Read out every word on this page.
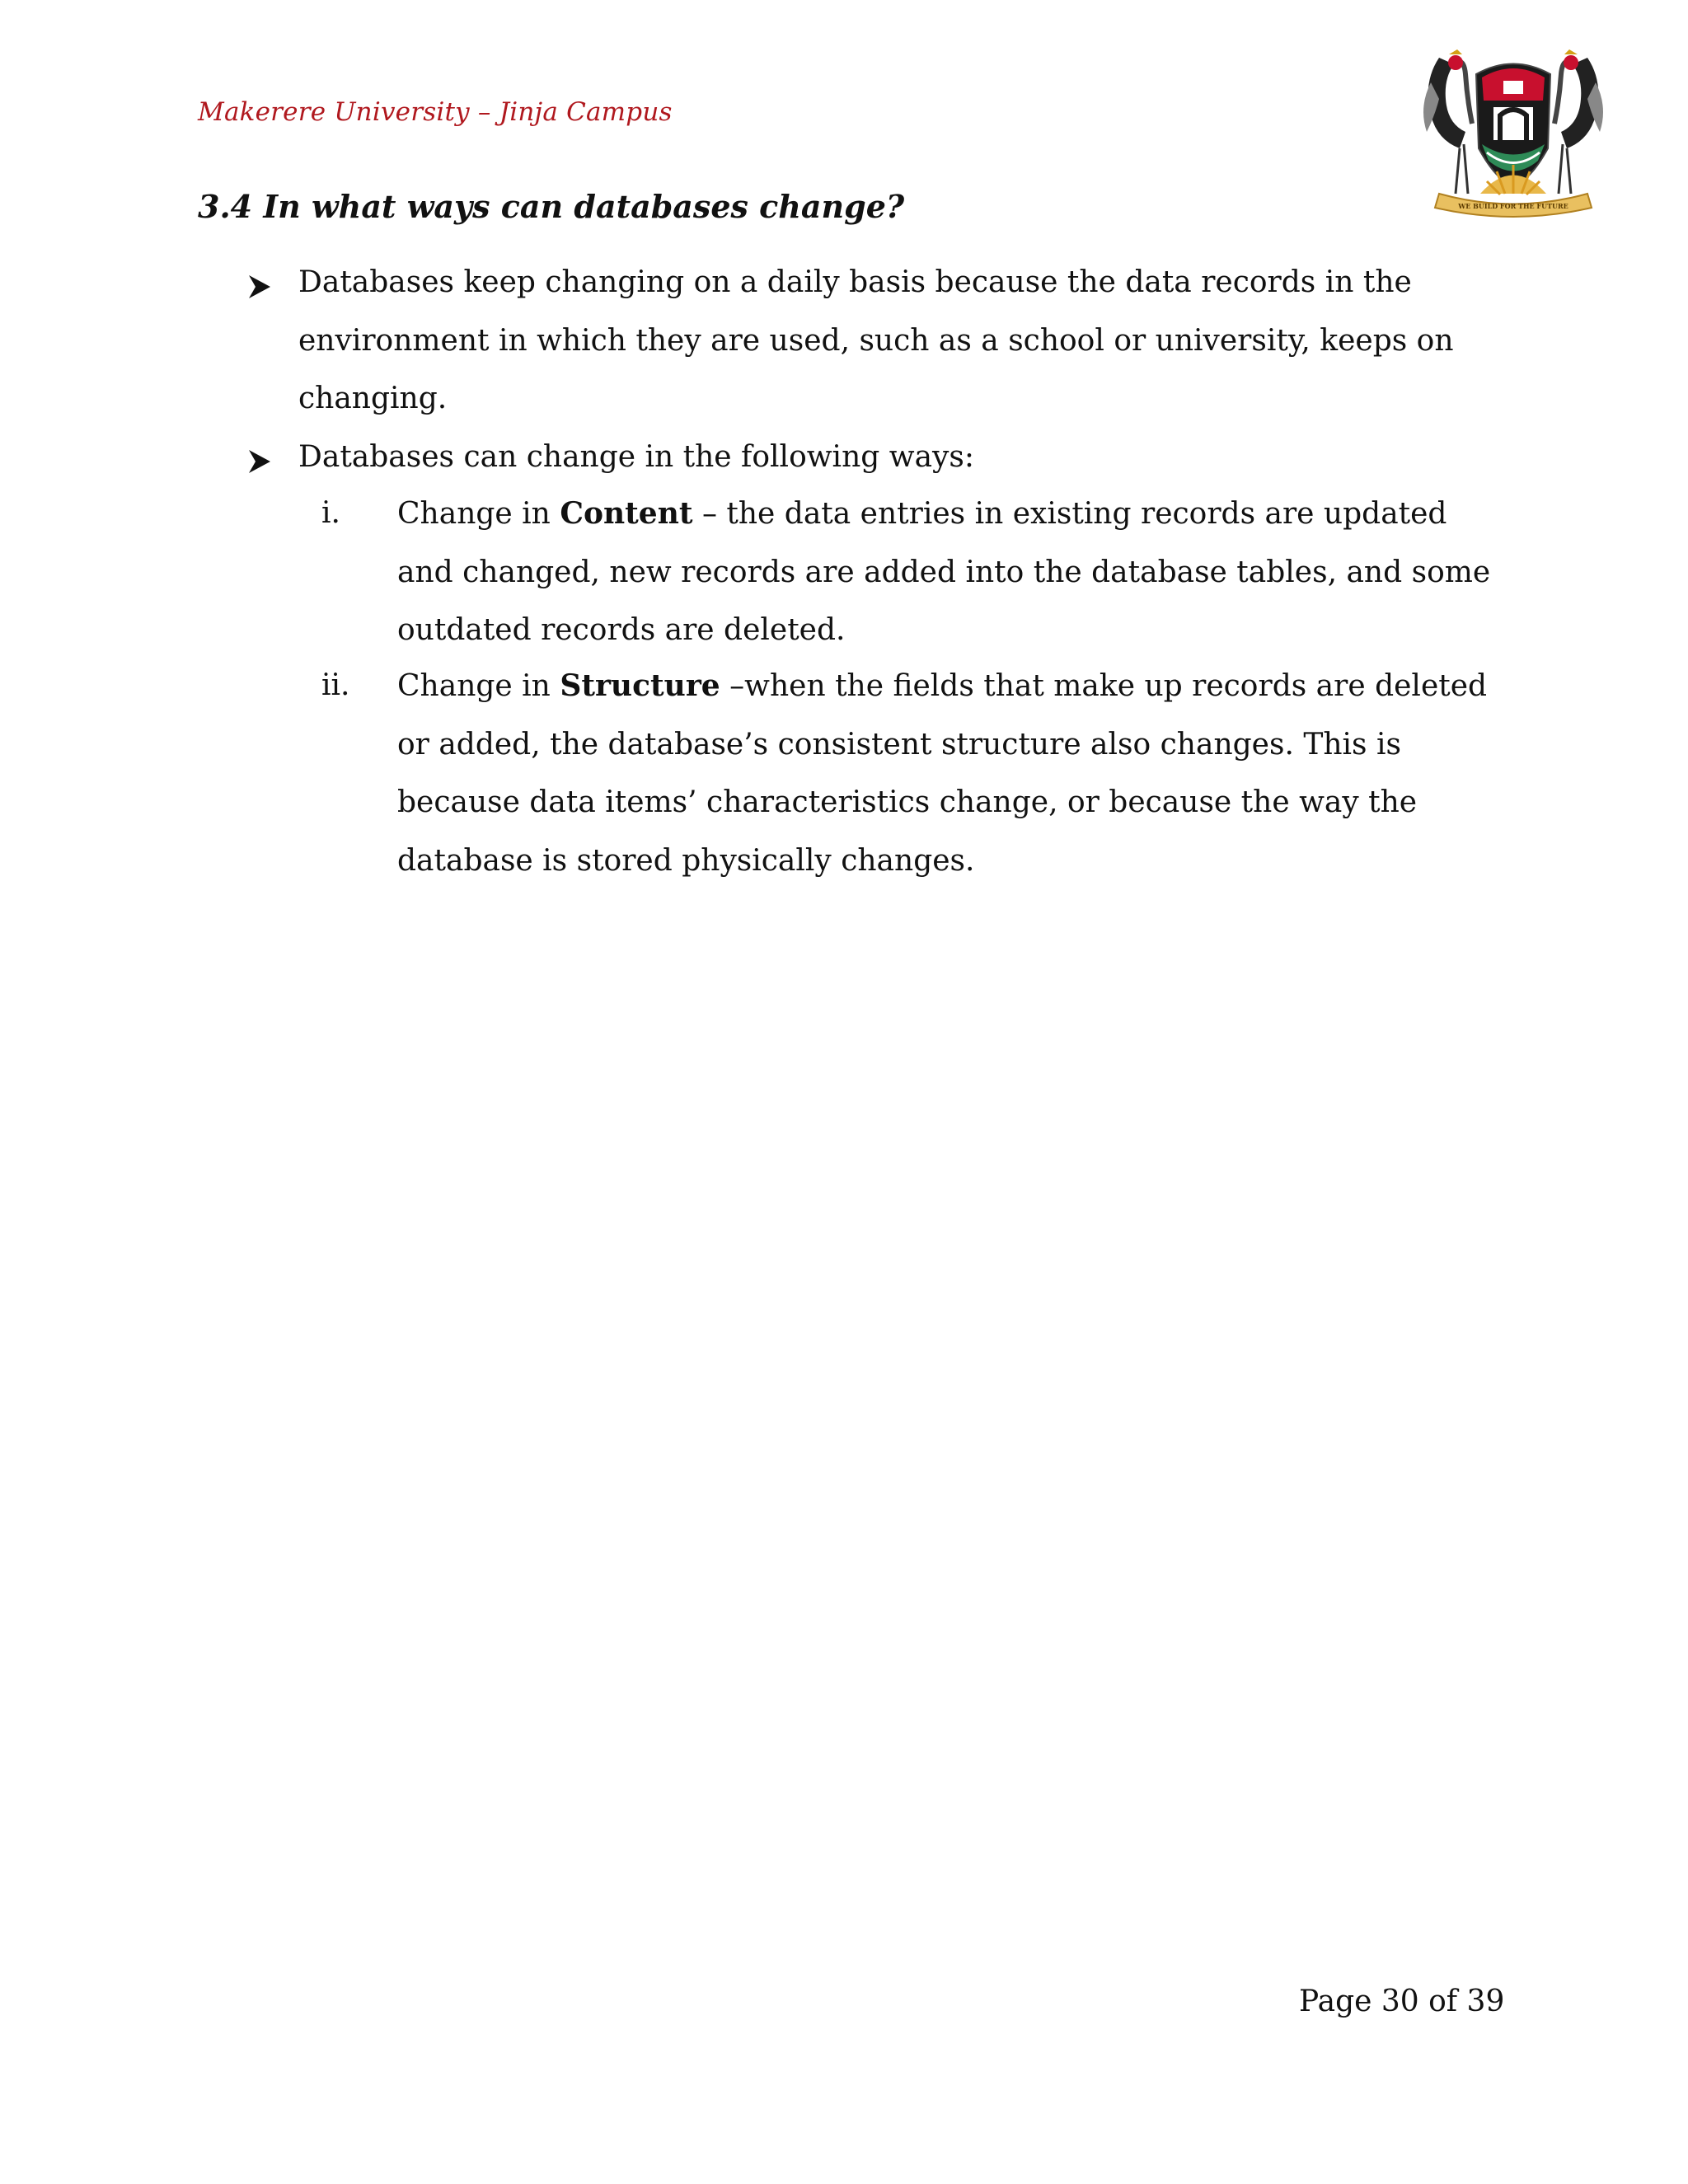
Makerere University – Jinja Campus
WE BUILD FOR THE FUTURE
3.4 In what ways can databases change?
Databases keep changing on a daily basis because the data records in the environment in which they are used, such as a school or university, keeps on changing.
Databases can change in the following ways:
i. Change in Content – the data entries in existing records are updated and changed, new records are added into the database tables, and some outdated records are deleted.
ii. Change in Structure –when the fields that make up records are deleted or added, the database’s consistent structure also changes. This is because data items’ characteristics change, or because the way the database is stored physically changes.
Page 30 of 39
